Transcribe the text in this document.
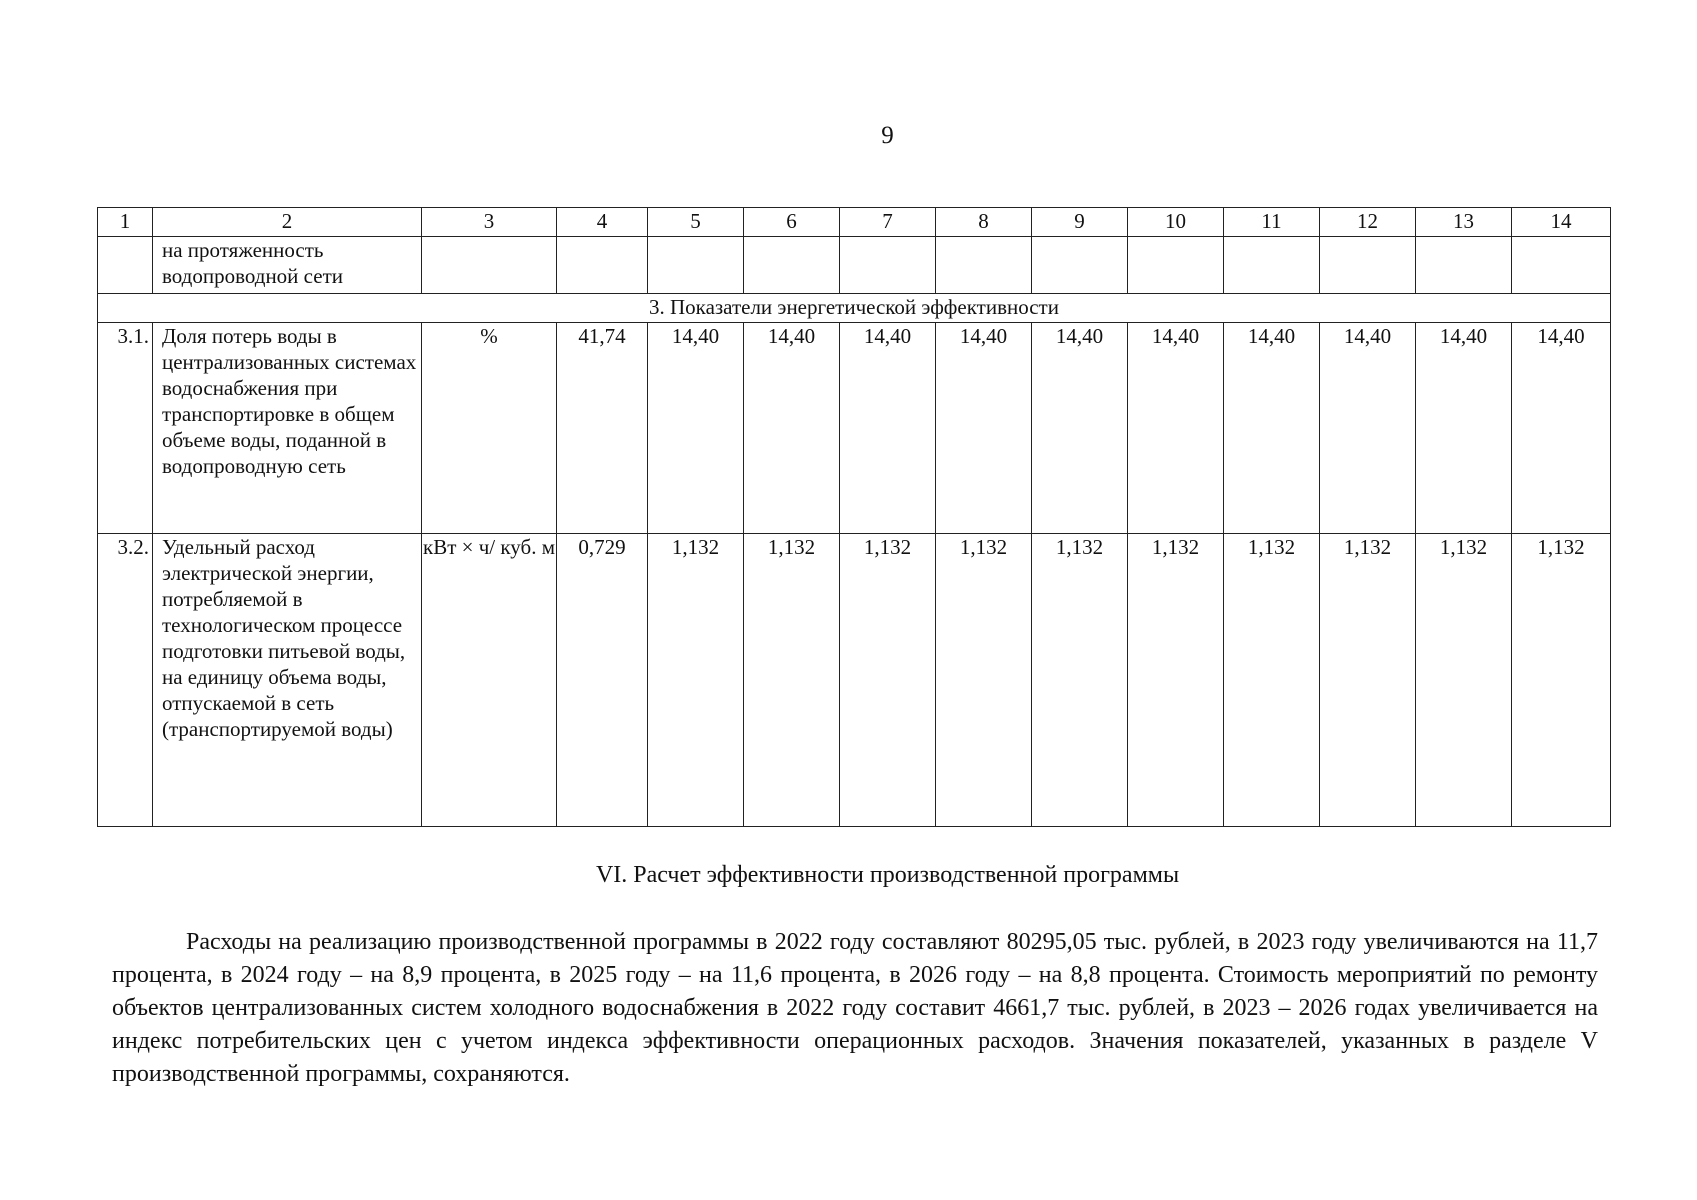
9
1	2	3	4	5	6	7	8	9	10	11	12	13	14
	на протяженность водопроводной сети												
3. Показатели энергетической эффективности													
3.1.	Доля потерь воды в централизованных системах водоснабжения при транспортировке в общем объеме воды, поданной в водопроводную сеть	%	41,74	14,40	14,40	14,40	14,40	14,40	14,40	14,40	14,40	14,40	14,40
3.2.	Удельный расход электрической энергии, потребляемой в технологическом процессе подготовки питьевой воды, на единицу объема воды, отпускаемой в сеть (транспортируемой воды)	кВт × ч/ куб. м	0,729	1,132	1,132	1,132	1,132	1,132	1,132	1,132	1,132	1,132	1,132
VI. Расчет эффективности производственной программы

Расходы на реализацию производственной программы в 2022 году составляют 80295,05 тыс. рублей, в 2023 году увеличиваются на 11,7 процента, в 2024 году – на 8,9 процента, в 2025 году – на 11,6 процента, в 2026 году – на 8,8 процента. Стоимость мероприятий по ремонту объектов централизованных систем холодного водоснабжения в 2022 году составит 4661,7 тыс. рублей, в 2023 – 2026 годах увеличивается на индекс потребительских цен с учетом индекса эффективности операционных расходов. Значения показателей, указанных в разделе V производственной программы, сохраняются.
